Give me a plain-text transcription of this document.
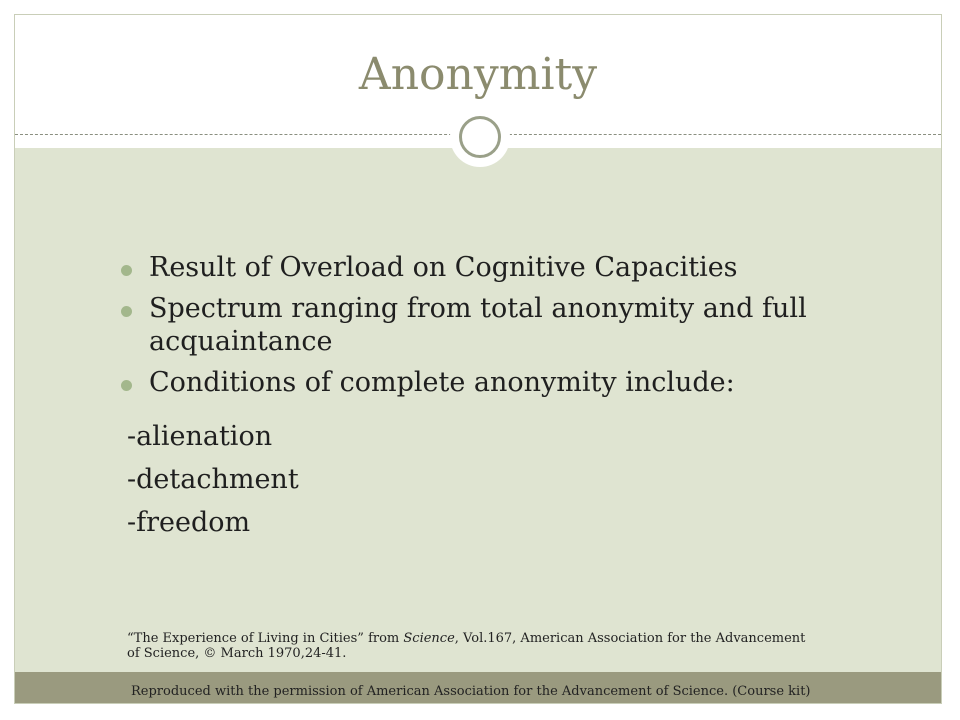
Anonymity
Result of Overload on Cognitive Capacities
Spectrum ranging from total anonymity and full acquaintance
Conditions of complete anonymity include:
-alienation
-detachment
-freedom
“The Experience of Living in Cities” from Science, Vol.167, American Association for the Advancement of Science, © March 1970,24-41.
Reproduced with the permission of American Association for the Advancement of Science. (Course kit)
